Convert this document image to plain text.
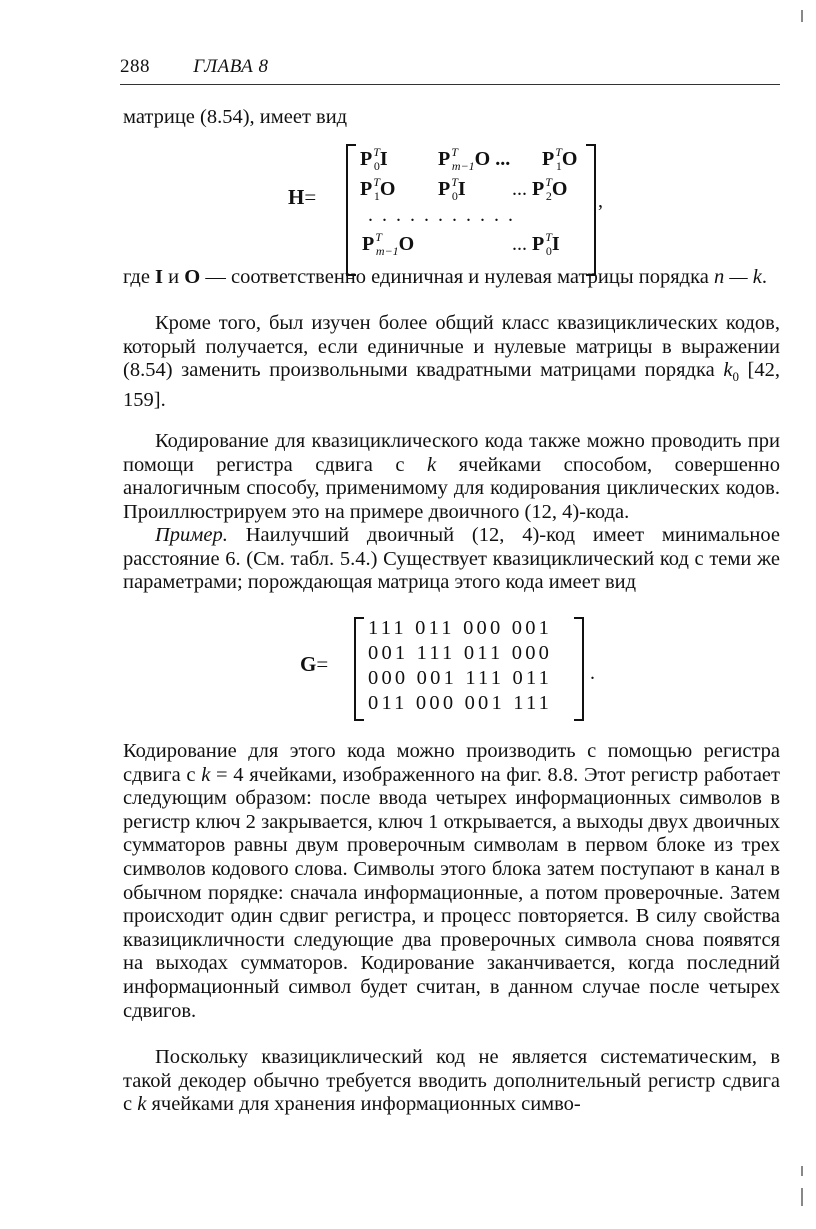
288 ГЛАВА 8

матрице (8.54), имеет вид

H=
$P^T_0I$	$P^T_{m-1}O$ ... $P^T_1O$
$P^T_1O$ $P^T_0I$ ... $P^T_2O$
. . . . . . . . . . .
$P^T_{m-1}O$	... $P^T_0I$
,

где I и O — соответственно единичная и нулевая матрицы порядка n — k.

Кроме того, был изучен более общий класс квазициклических кодов, который получается, если единичные и нулевые матрицы в выражении (8.54) заменить произвольными квадратными матрицами порядка $k_0$ [42, 159].

Кодирование для квазициклического кода также можно проводить при помощи регистра сдвига с k ячейками способом, совершенно аналогичным способу, применимому для кодирования циклических кодов. Проиллюстрируем это на примере двоичного (12, 4)-кода.

Пример. Наилучший двоичный (12, 4)-код имеет минимальное расстояние 6. (См. табл. 5.4.) Существует квазициклический код с теми же параметрами; порождающая матрица этого кода имеет вид

G=
111 011 000 001
001 111 011 000
000 001 111 011
011 000 001 111
.

Кодирование для этого кода можно производить с помощью регистра сдвига с k = 4 ячейками, изображенного на фиг. 8.8. Этот регистр работает следующим образом: после ввода четырех информационных символов в регистр ключ 2 закрывается, ключ 1 открывается, а выходы двух двоичных сумматоров равны двум проверочным символам в первом блоке из трех символов кодового слова. Символы этого блока затем поступают в канал в обычном порядке: сначала информационные, а потом проверочные. Затем происходит один сдвиг регистра, и процесс повторяется. В силу свойства квазицикличности следующие два проверочных символа снова появятся на выходах сумматоров. Кодирование заканчивается, когда последний информационный символ будет считан, в данном случае после четырех сдвигов.

Поскольку квазициклический код не является систематическим, в такой декодер обычно требуется вводить дополнительный регистр сдвига с k ячейками для хранения информационных симво-
